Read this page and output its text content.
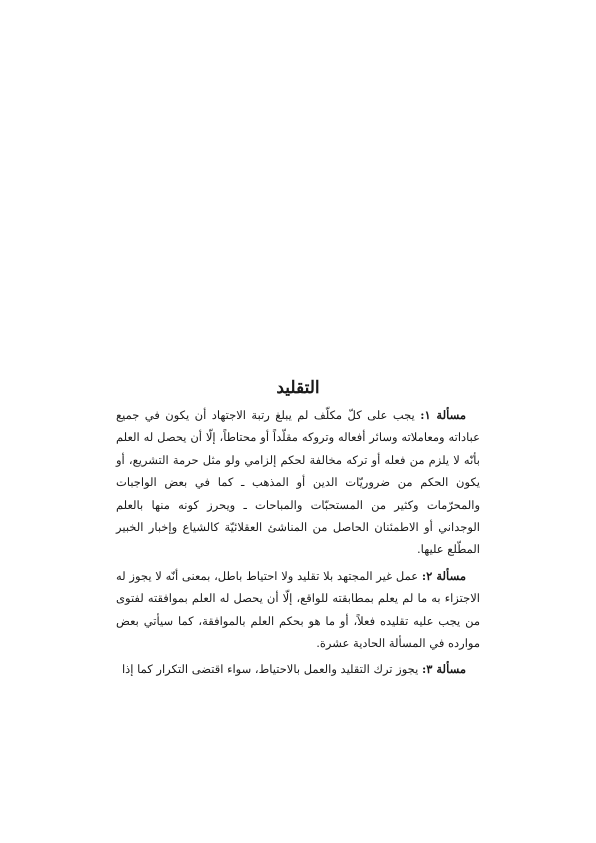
التقليد

مسألة ١: يجب على كلّ مكلّف لم يبلغ رتبة الاجتهاد أن يكون في جميع عباداته ومعاملاته وسائر أفعاله وتروكه مقلّداً أو محتاطاً، إلّا أن يحصل له العلم بأنّه لا يلزم من فعله أو تركه مخالفة لحكم إلزامي ولو مثل حرمة التشريع، أو يكون الحكم من ضروريّات الدين أو المذهب ـ كما في بعض الواجبات والمحرّمات وكثير من المستحبّات والمباحات ـ ويحرز كونه منها بالعلم الوجداني أو الاطمئنان الحاصل من المناشئ العقلائيّة كالشياع وإخبار الخبير المطّلع عليها.

مسألة ٢: عمل غير المجتهد بلا تقليد ولا احتياط باطل، بمعنى أنّه لا يجوز له الاجتزاء به ما لم يعلم بمطابقته للواقع، إلّا أن يحصل له العلم بموافقته لفتوى من يجب عليه تقليده فعلاً، أو ما هو بحكم العلم بالموافقة، كما سيأتي بعض موارده في المسألة الحادية عشرة.

مسألة ٣: يجوز ترك التقليد والعمل بالاحتياط، سواء اقتضى التكرار كما إذا
